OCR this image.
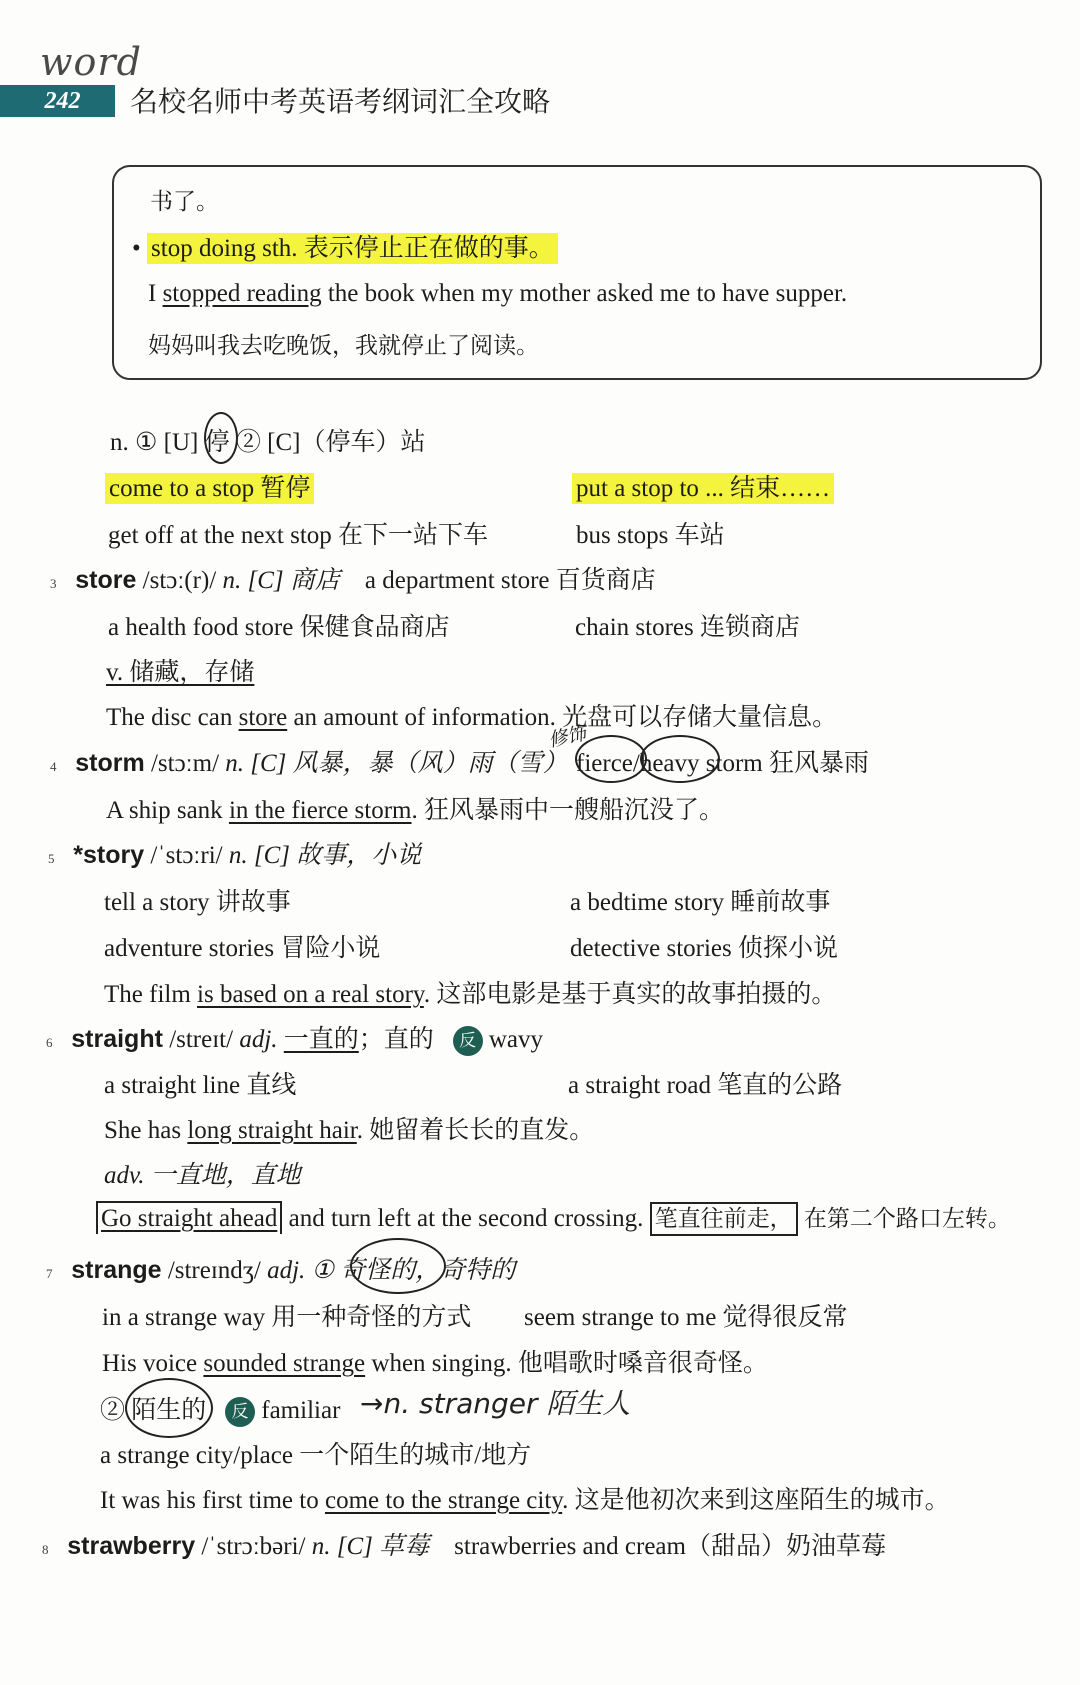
word
242	名校名师中考英语考纲词汇全攻略
书了。
• stop doing sth. 表示停止正在做的事。
I stopped reading the book when my mother asked me to have supper.
妈妈叫我去吃晚饭，我就停止了阅读。
n. ① [U] 停 ② [C]（停车）站
come to a stop 暂停	put a stop to ... 结束……
get off at the next stop 在下一站下车	bus stops 车站
3 store /stɔː(r)/ n. [C] 商店 a department store 百货商店
a health food store 保健食品商店	chain stores 连锁商店
v. 储藏，存储
The disc can store an amount of information. 光盘可以存储大量信息。
4 storm /stɔːm/ n. [C] 风暴，暴（风）雨（雪） fierce/heavy storm 狂风暴雨
修饰
A ship sank in the fierce storm. 狂风暴雨中一艘船沉没了。
5 *story /ˈstɔːri/ n. [C] 故事，小说
tell a story 讲故事	a bedtime story 睡前故事
adventure stories 冒险小说	detective stories 侦探小说
The film is based on a real story. 这部电影是基于真实的故事拍摄的。
6 straight /streɪt/ adj. 一直的；直的 反 wavy
a straight line 直线	a straight road 笔直的公路
She has long straight hair. 她留着长长的直发。
adv. 一直地，直地
Go straight ahead and turn left at the second crossing. 笔直往前走， 在第二个路口左转。
7 strange /streɪndʒ/ adj. ① 奇怪的，奇特的
in a strange way 用一种奇怪的方式 seem strange to me 觉得很反常
His voice sounded strange when singing. 他唱歌时嗓音很奇怪。
② 陌生的 反 familiar →n. stranger 陌生人
a strange city/place 一个陌生的城市/地方
It was his first time to come to the strange city. 这是他初次来到这座陌生的城市。
8 strawberry /ˈstrɔːbəri/ n. [C] 草莓 strawberries and cream（甜品）奶油草莓
